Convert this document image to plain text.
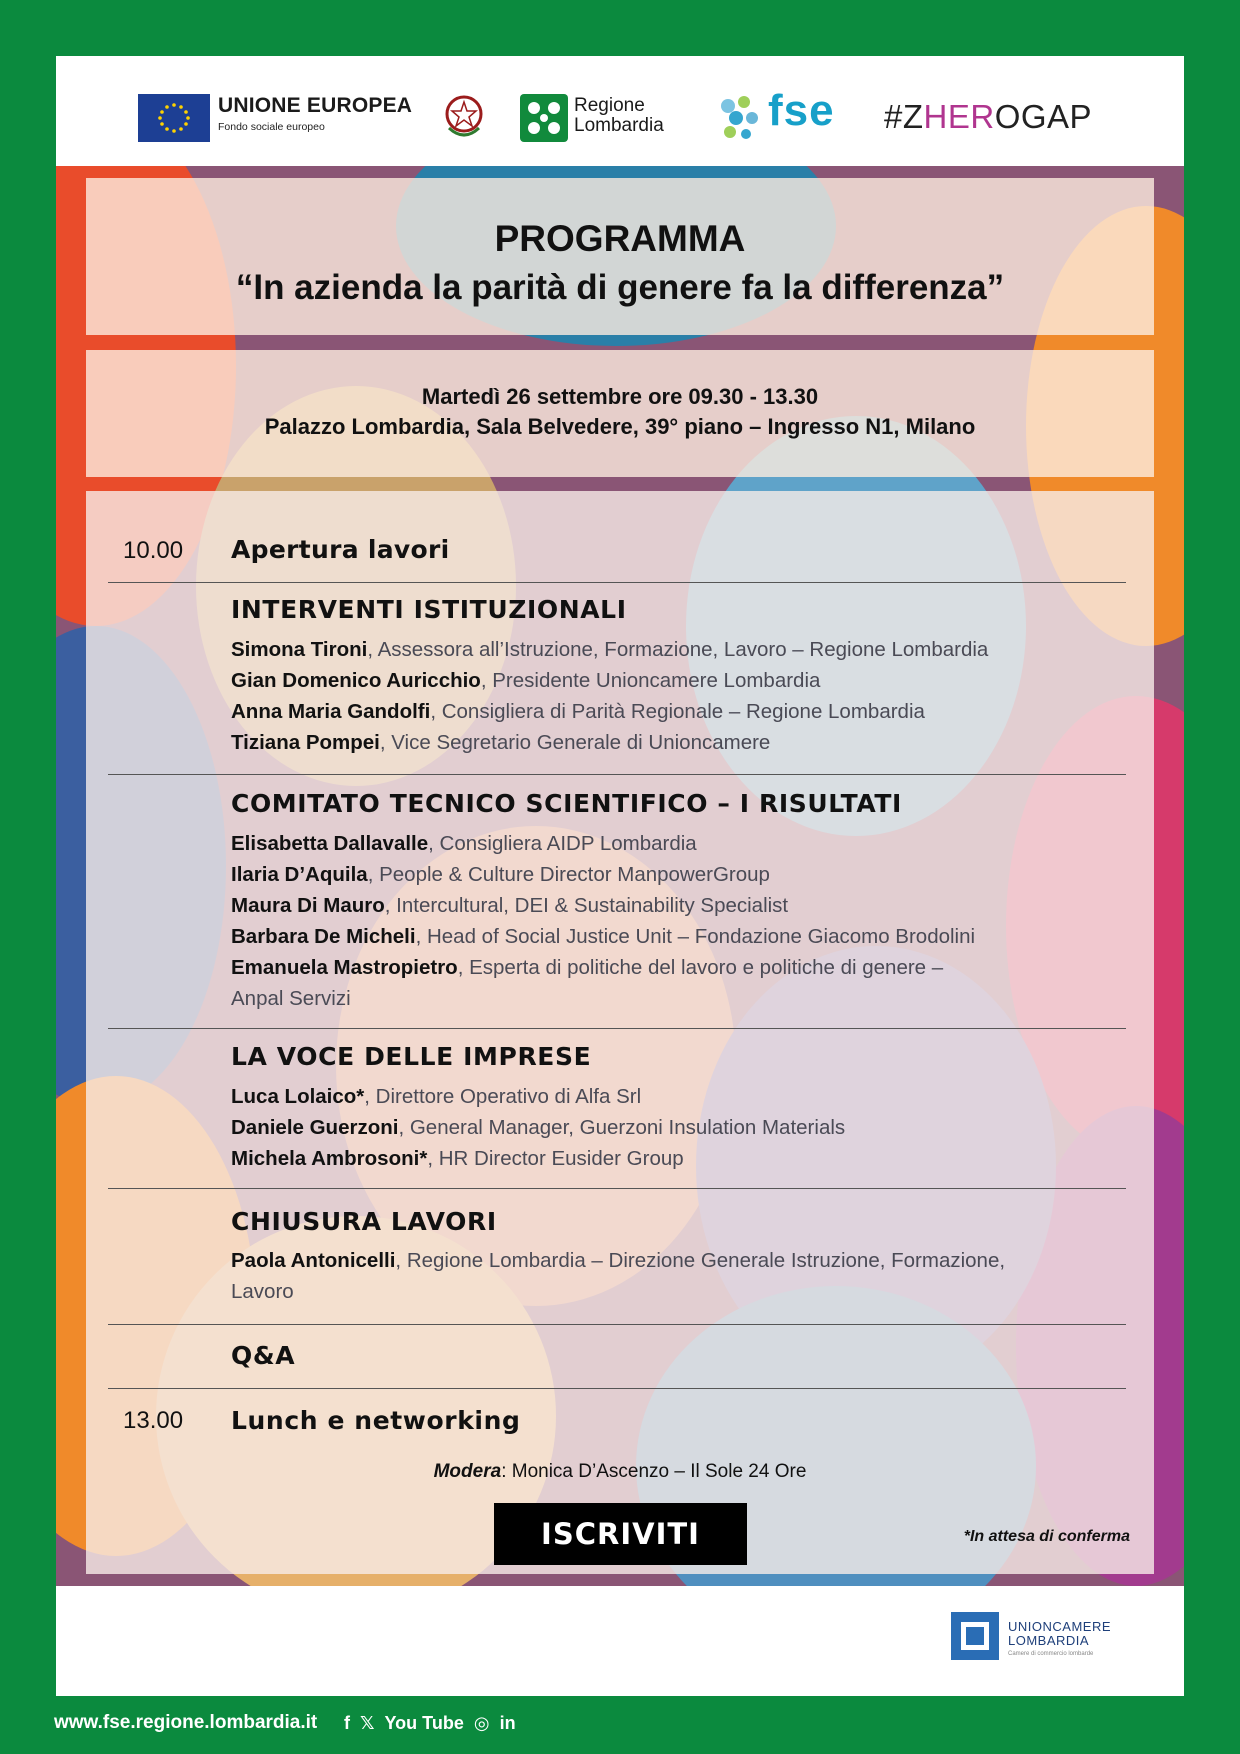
UNIONE EUROPEA
Fondo sociale europeo
Regione
Lombardia fse #ZHEROGAP
PROGRAMMA
“In azienda la parità di genere fa la differenza”
Martedì 26 settembre ore 09.30 - 13.30
Palazzo Lombardia, Sala Belvedere, 39° piano – Ingresso N1, Milano
10.00 Apertura lavori
INTERVENTI ISTITUZIONALI
Simona Tironi, Assessora all’Istruzione, Formazione, Lavoro – Regione Lombardia
Gian Domenico Auricchio, Presidente Unioncamere Lombardia
Anna Maria Gandolfi, Consigliera di Parità Regionale – Regione Lombardia
Tiziana Pompei, Vice Segretario Generale di Unioncamere
COMITATO TECNICO SCIENTIFICO – I RISULTATI
Elisabetta Dallavalle, Consigliera AIDP Lombardia
Ilaria D’Aquila, People & Culture Director ManpowerGroup
Maura Di Mauro, Intercultural, DEI & Sustainability Specialist
Barbara De Micheli, Head of Social Justice Unit – Fondazione Giacomo Brodolini
Emanuela Mastropietro, Esperta di politiche del lavoro e politiche di genere –
Anpal Servizi
LA VOCE DELLE IMPRESE
Luca Lolaico*, Direttore Operativo di Alfa Srl
Daniele Guerzoni, General Manager, Guerzoni Insulation Materials
Michela Ambrosoni*, HR Director Eusider Group
CHIUSURA LAVORI
Paola Antonicelli, Regione Lombardia – Direzione Generale Istruzione, Formazione,
Lavoro
Q&A
13.00 Lunch e networking
Modera: Monica D’Ascenzo – Il Sole 24 Ore
ISCRIVITI	*In attesa di conferma
UNIONCAMERE
LOMBARDIA
Camere di commercio lombarde
www.fse.regione.lombardia.it f 𝕏 You Tube ◎ in
